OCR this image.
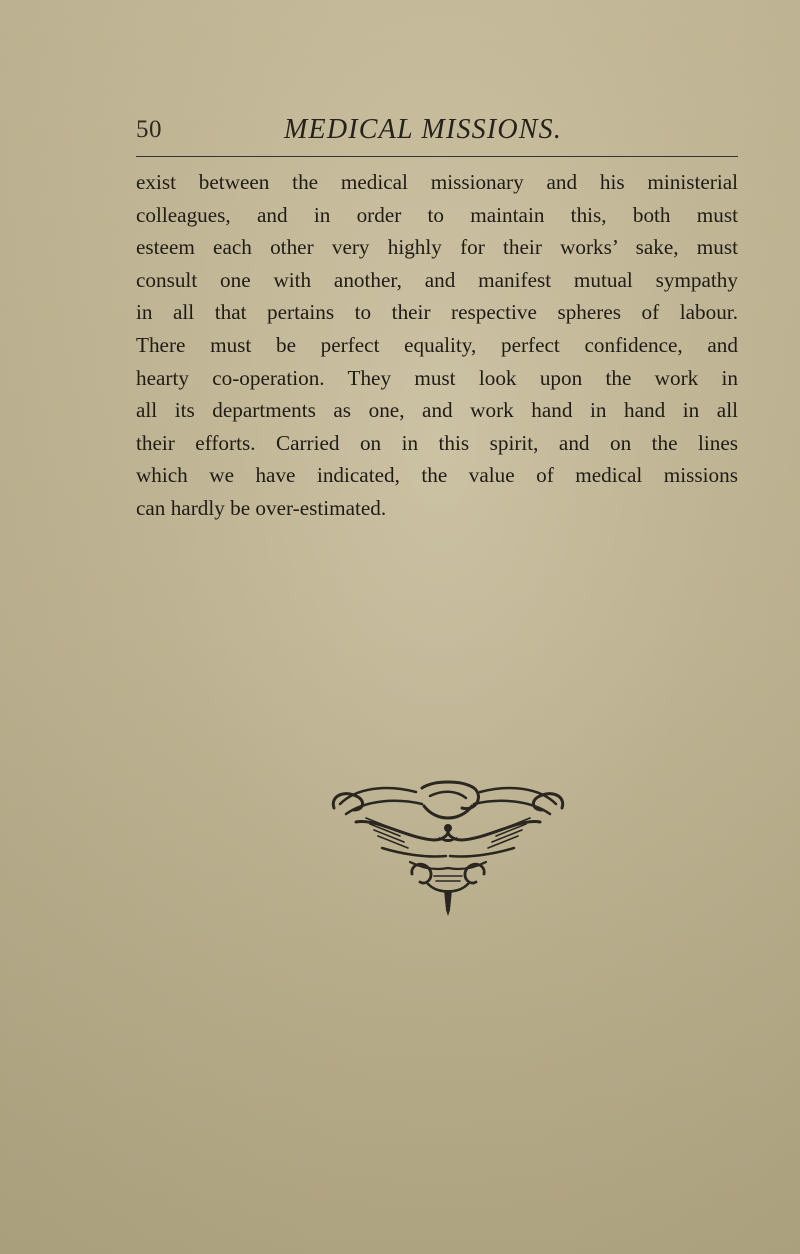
50	MEDICAL MISSIONS.
exist between the medical missionary and his ministerial
colleagues, and in order to maintain this, both must
esteem each other very highly for their works’ sake, must
consult one with another, and manifest mutual sympathy
in all that pertains to their respective spheres of labour.
There must be perfect equality, perfect confidence, and
hearty co-operation. They must look upon the work in
all its departments as one, and work hand in hand in all
their efforts. Carried on in this spirit, and on the lines
which we have indicated, the value of medical missions
can hardly be over-estimated.
